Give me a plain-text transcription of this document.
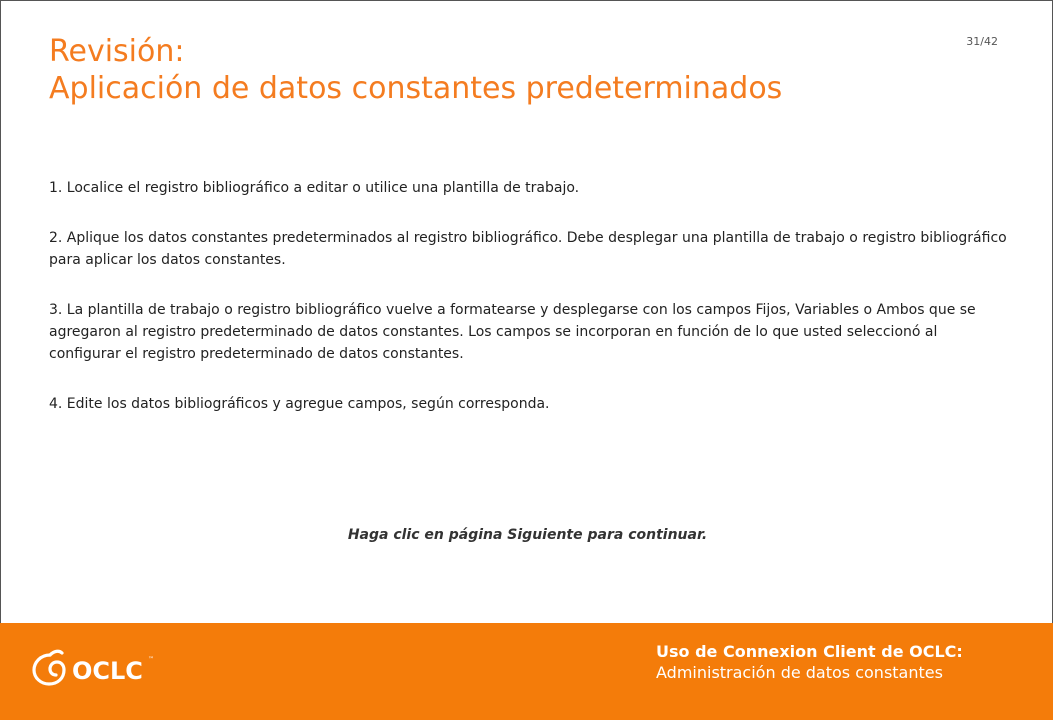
31/42
Revisión:
Aplicación de datos constantes predeterminados

1. Localice el registro bibliográfico a editar o utilice una plantilla de trabajo.

2. Aplique los datos constantes predeterminados al registro bibliográfico. Debe desplegar una plantilla de trabajo o registro bibliográfico para aplicar los datos constantes.

3. La plantilla de trabajo o registro bibliográfico vuelve a formatearse y desplegarse con los campos Fijos, Variables o Ambos que se agregaron al registro predeterminado de datos constantes. Los campos se incorporan en función de lo que usted seleccionó al configurar el registro predeterminado de datos constantes.

4. Edite los datos bibliográficos y agregue campos, según corresponda.

Haga clic en página Siguiente para continuar.
OCLC ™	Uso de Connexion Client de OCLC:
Administración de datos constantes
